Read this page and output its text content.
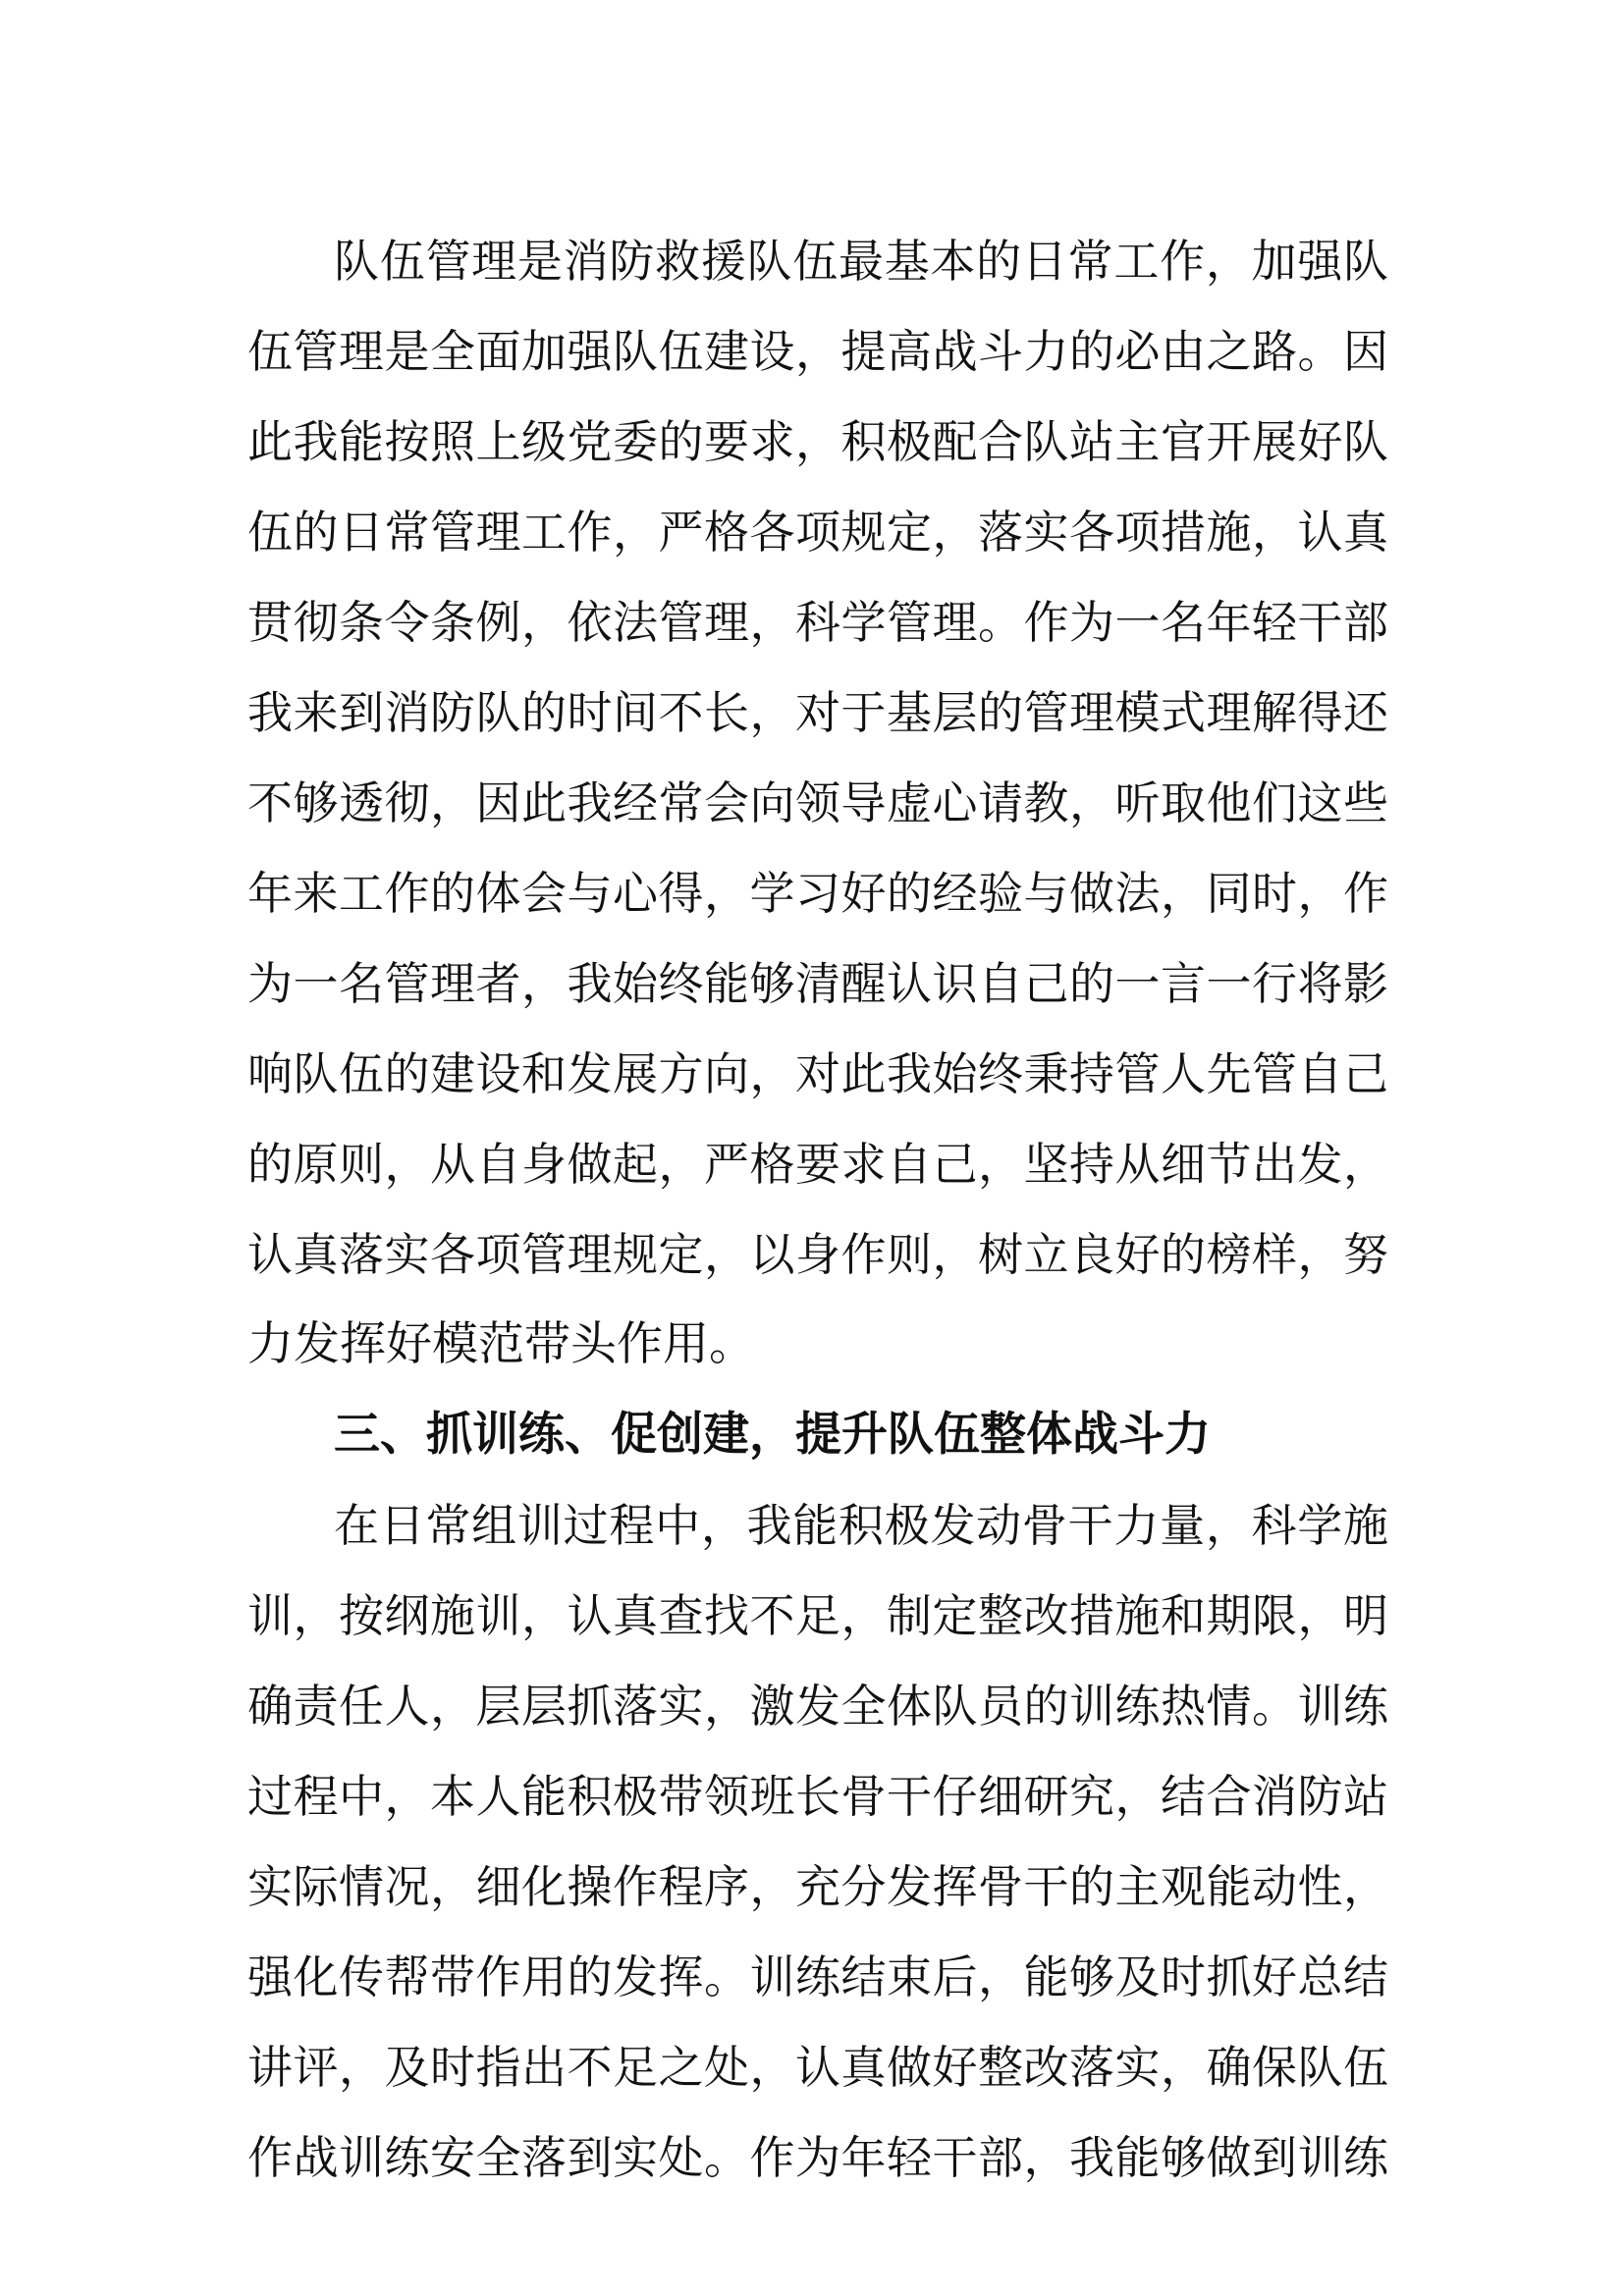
队伍管理是消防救援队伍最基本的日常工作，加强队
伍管理是全面加强队伍建设，提高战斗力的必由之路。因
此我能按照上级党委的要求，积极配合队站主官开展好队
伍的日常管理工作，严格各项规定，落实各项措施，认真
贯彻条令条例，依法管理，科学管理。作为一名年轻干部
我来到消防队的时间不长，对于基层的管理模式理解得还
不够透彻，因此我经常会向领导虚心请教，听取他们这些
年来工作的体会与心得，学习好的经验与做法，同时，作
为一名管理者，我始终能够清醒认识自己的一言一行将影
响队伍的建设和发展方向，对此我始终秉持管人先管自己
的原则，从自身做起，严格要求自己，坚持从细节出发，
认真落实各项管理规定，以身作则，树立良好的榜样，努
力发挥好模范带头作用。
三、抓训练、促创建，提升队伍整体战斗力
在日常组训过程中，我能积极发动骨干力量，科学施
训，按纲施训，认真查找不足，制定整改措施和期限，明
确责任人，层层抓落实，激发全体队员的训练热情。训练
过程中，本人能积极带领班长骨干仔细研究，结合消防站
实际情况，细化操作程序，充分发挥骨干的主观能动性，
强化传帮带作用的发挥。训练结束后，能够及时抓好总结
讲评，及时指出不足之处，认真做好整改落实，确保队伍
作战训练安全落到实处。作为年轻干部，我能够做到训练
